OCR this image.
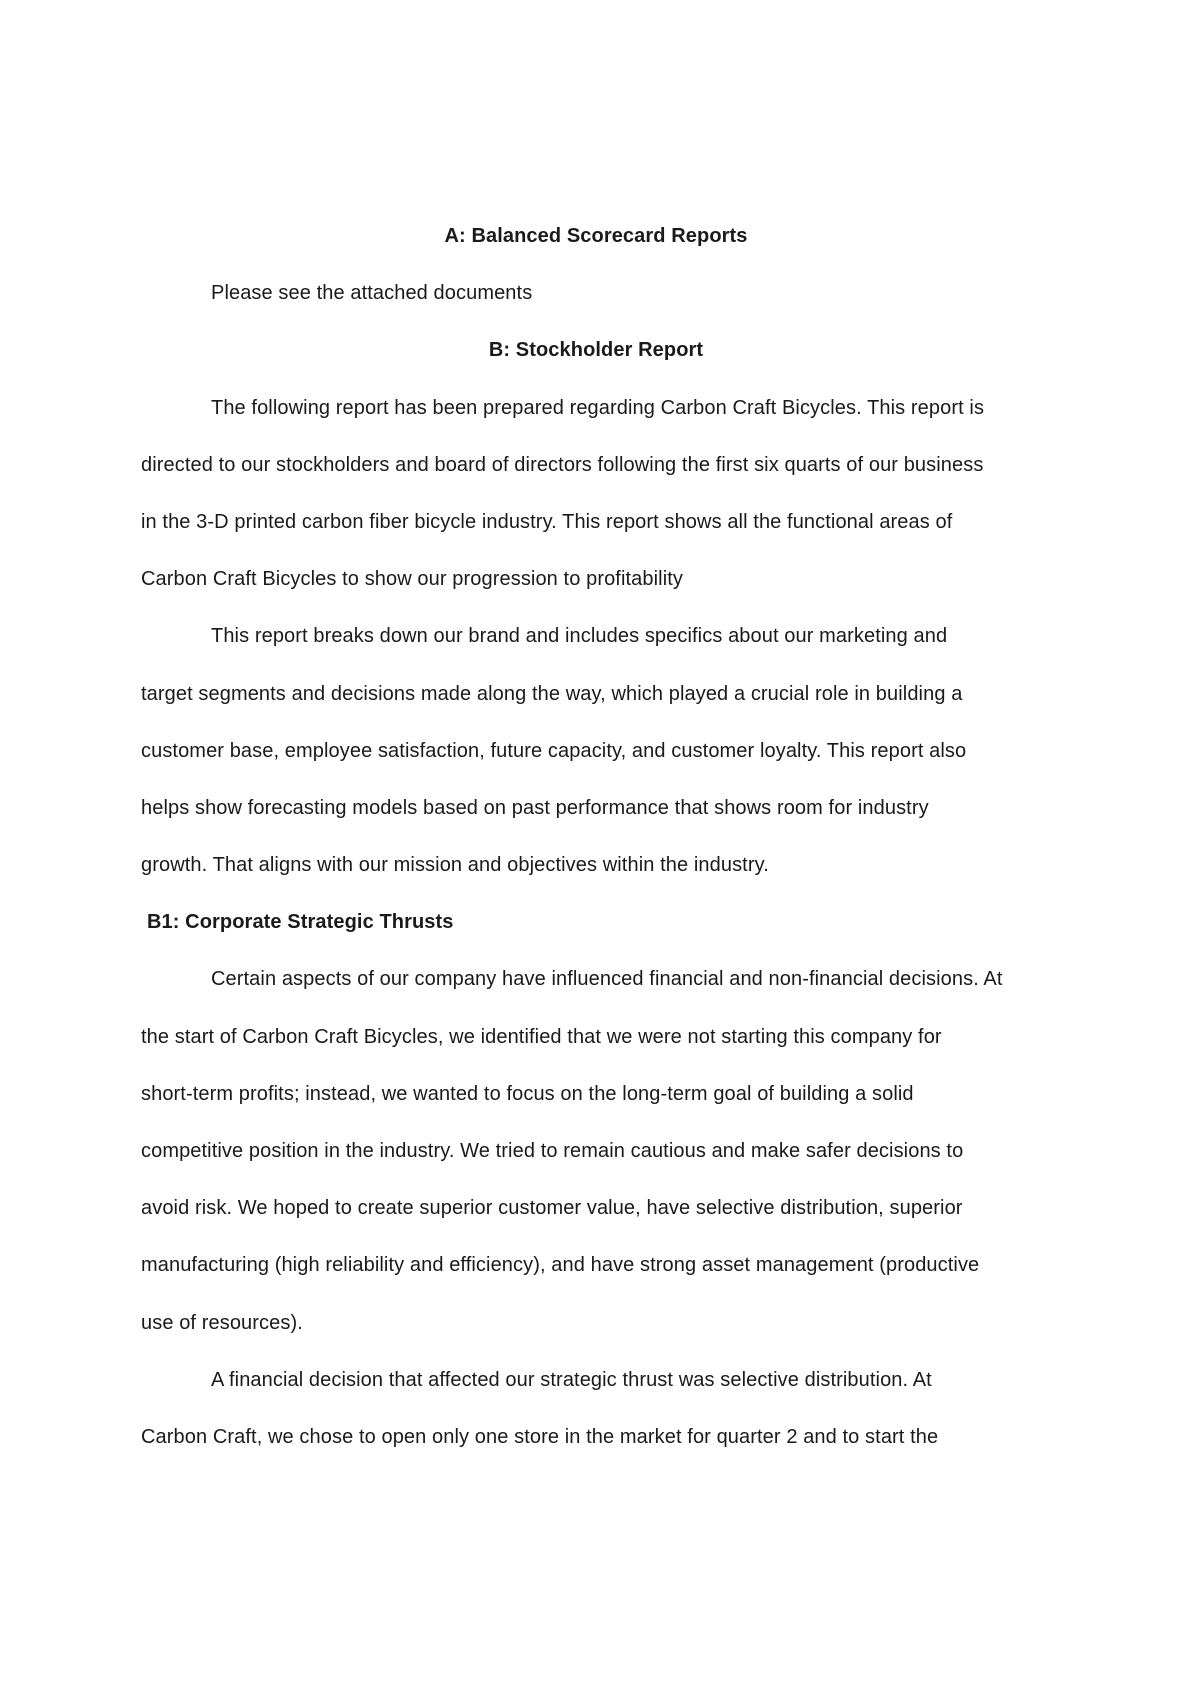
A: Balanced Scorecard Reports
Please see the attached documents
B: Stockholder Report
The following report has been prepared regarding Carbon Craft Bicycles. This report is
directed to our stockholders and board of directors following the first six quarts of our business
in the 3-D printed carbon fiber bicycle industry. This report shows all the functional areas of
Carbon Craft Bicycles to show our progression to profitability
This report breaks down our brand and includes specifics about our marketing and
target segments and decisions made along the way, which played a crucial role in building a
customer base, employee satisfaction, future capacity, and customer loyalty. This report also
helps show forecasting models based on past performance that shows room for industry
growth. That aligns with our mission and objectives within the industry.
B1: Corporate Strategic Thrusts
Certain aspects of our company have influenced financial and non-financial decisions. At
the start of Carbon Craft Bicycles, we identified that we were not starting this company for
short-term profits; instead, we wanted to focus on the long-term goal of building a solid
competitive position in the industry. We tried to remain cautious and make safer decisions to
avoid risk. We hoped to create superior customer value, have selective distribution, superior
manufacturing (high reliability and efficiency), and have strong asset management (productive
use of resources).
A financial decision that affected our strategic thrust was selective distribution. At
Carbon Craft, we chose to open only one store in the market for quarter 2 and to start the
